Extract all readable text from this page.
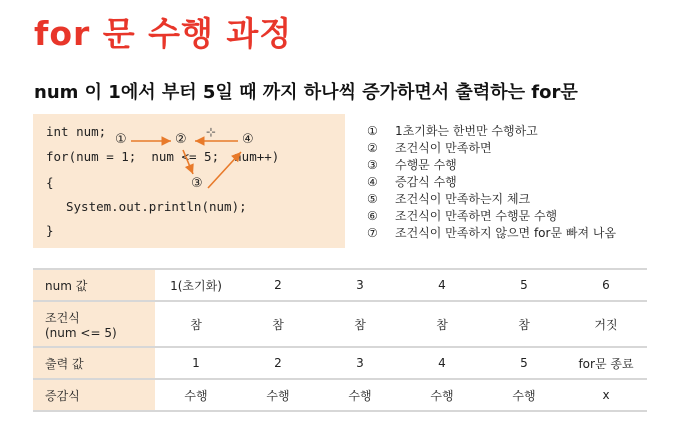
for 문 수행 과정
num 이 1에서 부터 5일 때 까지 하나씩 증가하면서 출력하는 for문
int num;
for(num = 1;  num <= 5;  num++)
{
System.out.println(num);
}
①	②	④
③
⊹	①	1초기화는 한번만 수행하고
②	조건식이 만족하면
③	수행문 수행
④	증감식 수행
⑤	조건식이 만족하는지 체크
⑥	조건식이 만족하면 수행문 수행
⑦	조건식이 만족하지 않으면 for문 빠져 나옴
num 값	1(초기화)	2	3	4	5	6

조건식
(num <= 5)	참	참	참	참	참	거짓
출력 값	1	2	3	4	5	for문 종료
증감식	수행	수행	수행	수행	수행	x
